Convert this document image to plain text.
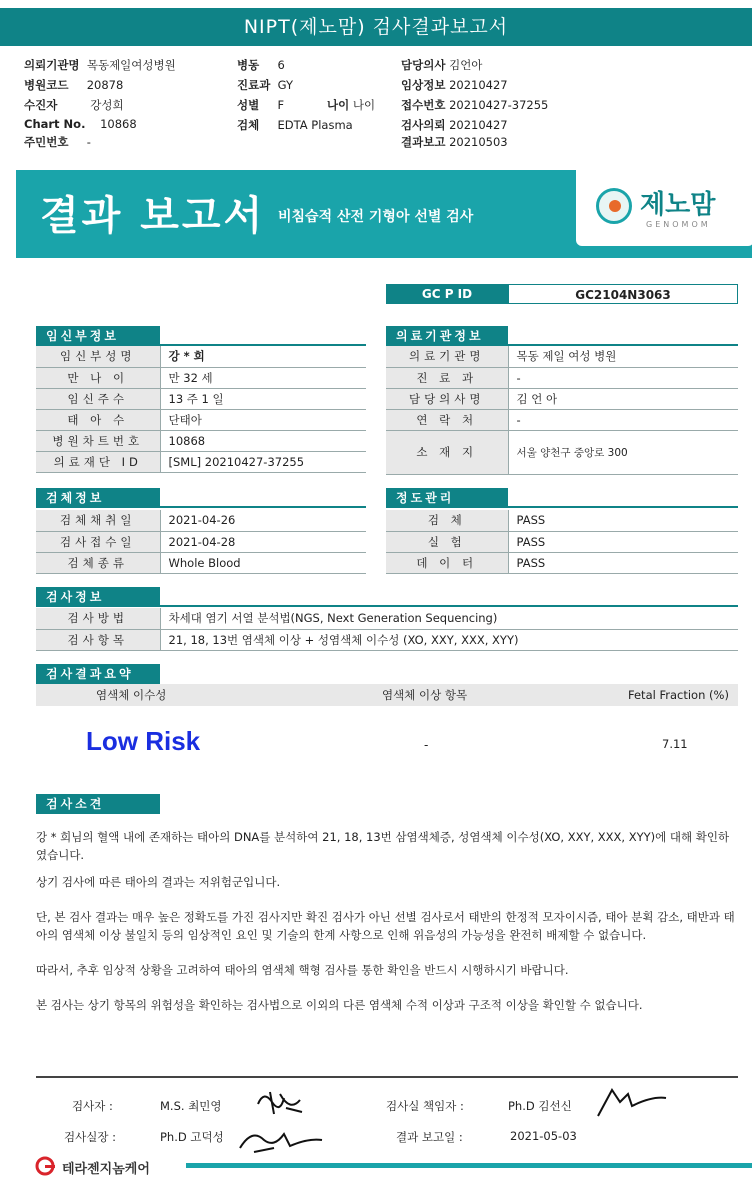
NIPT(제노맘) 검사결과보고서
의뢰기관명 목동제일여성병원
병원코드 20878
수진자	강성희
Chart No. 10868
주민번호 -
병동 6
진료과 GY
성별 F	나이 나이
검체 EDTA Plasma
담당의사 김언아
임상정보 20210427
접수번호 20210427-37255
검사의뢰 20210427
결과보고 20210503
결과 보고서 비침습적 산전 기형아 선별 검사	제노맘
GENOMOM
GC P ID	GC2104N3063
임신부정보
임신부성명	강 * 희
만 나 이	만 32 세
임신주수	13 주 1 일
태 아 수	단태아
병원차트번호	10868
의료재단 ID	[SML] 20210427-37255
의료기관정보
의료기관명	목동 제일 여성 병원
진 료 과	-
담당의사명	김 언 아
연 락 처	-
소 재 지	서울 양천구 중앙로 300
검체정보
검체채취일	2021-04-26
검사접수일	2021-04-28
검체종류	Whole Blood
정도관리
검 체	PASS
실 험	PASS
데 이 터	PASS
검사정보
검사방법	차세대 염기 서열 분석법(NGS, Next Generation Sequencing)
검사항목	21, 18, 13번 염색체 이상 + 성염색체 이수성 (XO, XXY, XXX, XYY)
검사결과요약
염색체 이수성	염색체 이상 항목	Fetal Fraction (%)
Low Risk	-	7.11
검사소견
강 * 희님의 혈액 내에 존재하는 태아의 DNA를 분석하여 21, 18, 13번 삼염색체증, 성염색체 이수성(XO, XXY, XXX, XYY)에 대해 확인하였습니다.
상기 검사에 따른 태아의 결과는 저위험군입니다.
단, 본 검사 결과는 매우 높은 정확도를 가진 검사지만 확진 검사가 아닌 선별 검사로서 태반의 한정적 모자이시즘, 태아 분획 감소, 태반과 태아의 염색체 이상 불일치 등의 임상적인 요인 및 기술의 한계 사항으로 인해 위음성의 가능성을 완전히 배제할 수 없습니다.
따라서, 추후 임상적 상황을 고려하여 태아의 염색체 핵형 검사를 통한 확인을 반드시 시행하시기 바랍니다.
본 검사는 상기 항목의 위험성을 확인하는 검사법으로 이외의 다른 염색체 수적 이상과 구조적 이상을 확인할 수 없습니다.
검사자 :	M.S. 최민영	검사실 책임자 :	Ph.D 김선신
검사실장 :	Ph.D 고덕성	결과 보고일 :	2021-05-03
테라젠지놈케어
